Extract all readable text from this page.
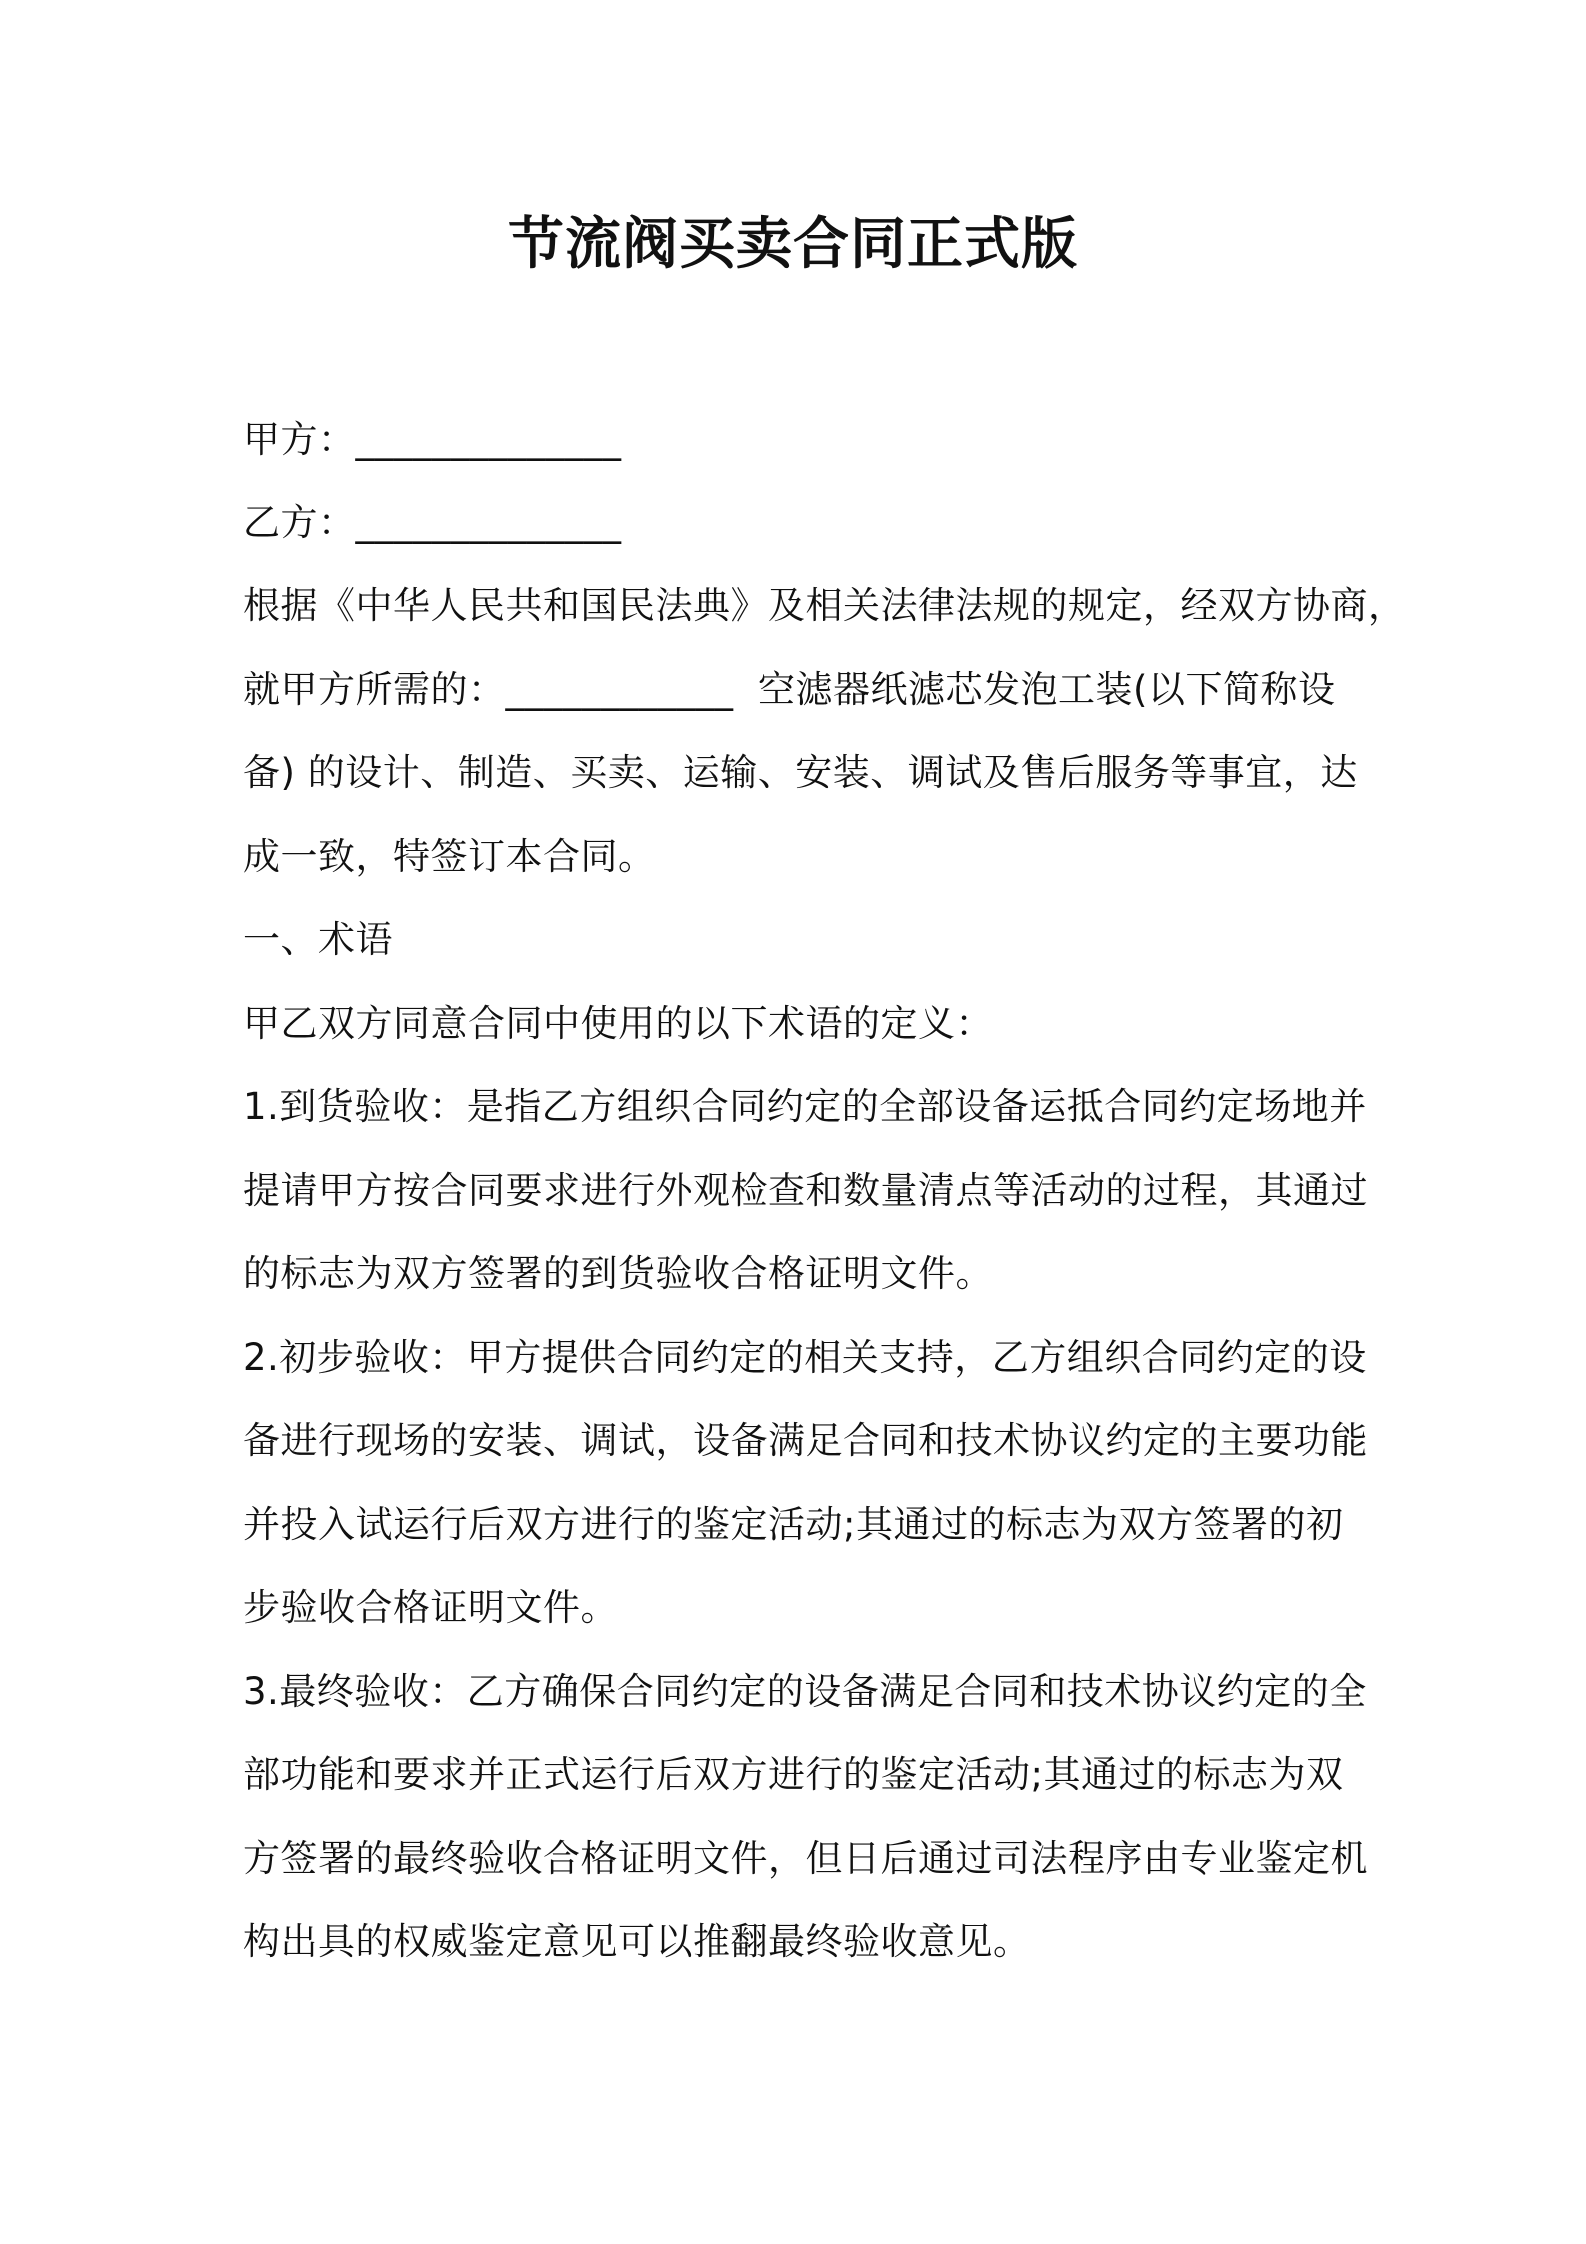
节流阀买卖合同正式版

甲方：______________

乙方：______________

根据《中华人民共和国民法典》及相关法律法规的规定，经双方协商，
就甲方所需的：____________  空滤器纸滤芯发泡工装(以下简称设
备) 的设计、制造、买卖、运输、安装、调试及售后服务等事宜，达
成一致，特签订本合同。
一、术语
甲乙双方同意合同中使用的以下术语的定义：
1.到货验收：是指乙方组织合同约定的全部设备运抵合同约定场地并
提请甲方按合同要求进行外观检查和数量清点等活动的过程，其通过
的标志为双方签署的到货验收合格证明文件。
2.初步验收：甲方提供合同约定的相关支持，乙方组织合同约定的设
备进行现场的安装、调试，设备满足合同和技术协议约定的主要功能
并投入试运行后双方进行的鉴定活动;其通过的标志为双方签署的初
步验收合格证明文件。
3.最终验收：乙方确保合同约定的设备满足合同和技术协议约定的全
部功能和要求并正式运行后双方进行的鉴定活动;其通过的标志为双
方签署的最终验收合格证明文件，但日后通过司法程序由专业鉴定机
构出具的权威鉴定意见可以推翻最终验收意见。
